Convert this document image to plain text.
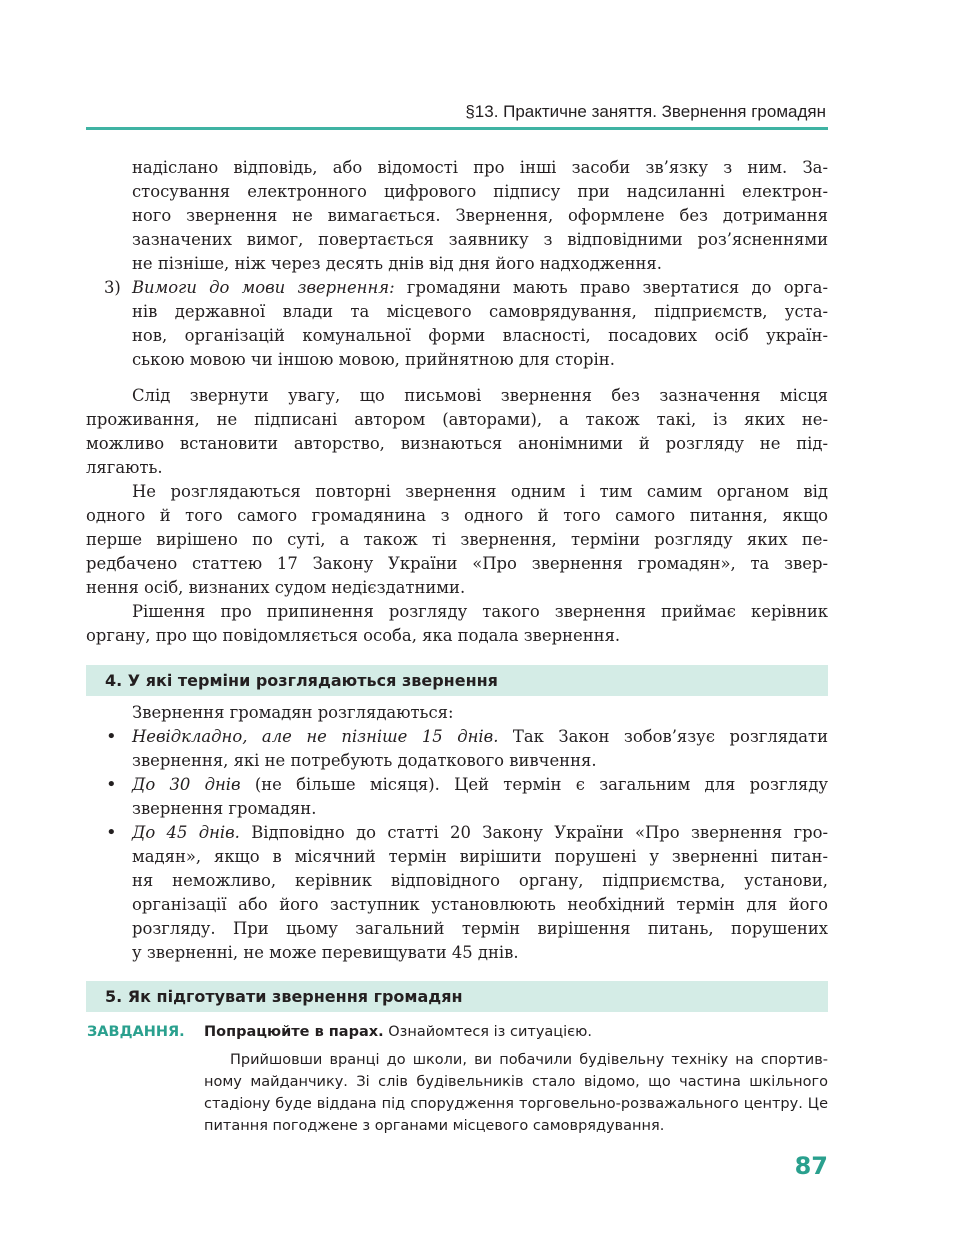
§13. Практичне заняття. Звернення громадян
надіслано відповідь, або відомості про інші засоби зв’язку з ним. За-
стосування електронного цифрового підпису при надсиланні електрон-
ного звернення не вимагається. Звернення, оформлене без дотримання
зазначених вимог, повертається заявнику з відповідними роз’ясненнями
не пізніше, ніж через десять днів від дня його надходження.
3) Вимоги до мови звернення: громадяни мають право звертатися до орга-
нів державної влади та місцевого самоврядування, підприємств, уста-
нов, організацій комунальної форми власності, посадових осіб україн-
ською мовою чи іншою мовою, прийнятною для сторін.
Слід звернути увагу, що письмові звернення без зазначення місця
проживання, не підписані автором (авторами), а також такі, із яких не-
можливо встановити авторство, визнаються анонімними й розгляду не під-
лягають.
Не розглядаються повторні звернення одним і тим самим органом від
одного й того самого громадянина з одного й того самого питання, якщо
перше вирішено по суті, а також ті звернення, терміни розгляду яких пе-
редбачено статтею 17 Закону України «Про звернення громадян», та звер-
нення осіб, визнаних судом недієздатними.
Рішення про припинення розгляду такого звернення приймає керівник
органу, про що повідомляється особа, яка подала звернення.
4. У які терміни розглядаються звернення
Звернення громадян розглядаються:
• Невідкладно, але не пізніше 15 днів. Так Закон зобов’язує розглядати
звернення, які не потребують додаткового вивчення.
• До 30 днів (не більше місяця). Цей термін є загальним для розгляду
звернення громадян.
• До 45 днів. Відповідно до статті 20 Закону України «Про звернення гро-
мадян», якщо в місячний термін вирішити порушені у зверненні питан-
ня неможливо, керівник відповідного органу, підприємства, установи,
організації або його заступник установлюють необхідний термін для його
розгляду. При цьому загальний термін вирішення питань, порушених
у зверненні, не може перевищувати 45 днів.
5. Як підготувати звернення громадян
ЗАВДАННЯ. Попрацюйте в парах. Ознайомтеся із ситуацією.
Прийшовши вранці до школи, ви побачили будівельну техніку на спортив-
ному майданчику. Зі слів будівельників стало відомо, що частина шкільного
стадіону буде віддана під спорудження торговельно-розважального центру. Це
питання погоджене з органами місцевого самоврядування.
87
